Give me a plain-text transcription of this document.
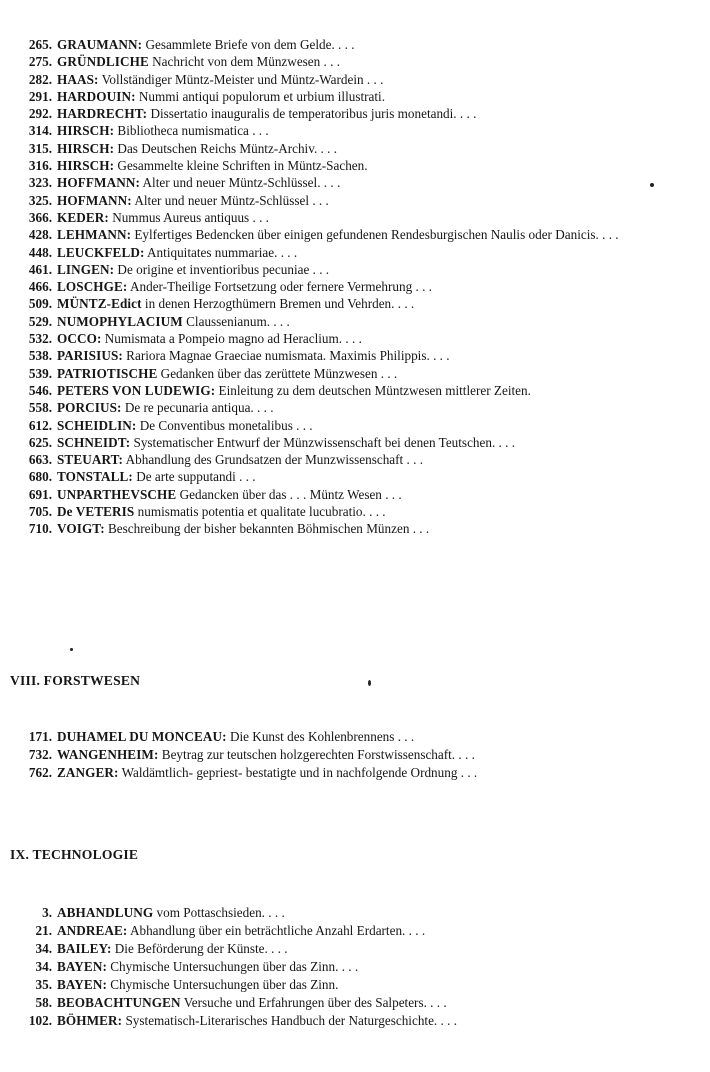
265. GRAUMANN: Gesammlete Briefe von dem Gelde. . . .
275. GRÜNDLICHE Nachricht von dem Münzwesen . . .
282. HAAS: Vollständiger Müntz-Meister und Müntz-Wardein . . .
291. HARDOUIN: Nummi antiqui populorum et urbium illustrati.
292. HARDRECHT: Dissertatio inauguralis de temperatoribus juris monetandi. . . .
314. HIRSCH: Bibliotheca numismatica . . .
315. HIRSCH: Das Deutschen Reichs Müntz-Archiv. . . .
316. HIRSCH: Gesammelte kleine Schriften in Müntz-Sachen.
323. HOFFMANN: Alter und neuer Müntz-Schlüssel. . . .
325. HOFMANN: Alter und neuer Müntz-Schlüssel . . .
366. KEDER: Nummus Aureus antiquus . . .
428. LEHMANN: Eylfertiges Bedencken über einigen gefundenen Rendesburgischen Naulis oder Danicis. . . .
448. LEUCKFELD: Antiquitates nummariae. . . .
461. LINGEN: De origine et inventioribus pecuniae . . .
466. LOSCHGE: Ander-Theilige Fortsetzung oder fernere Vermehrung . . .
509. MÜNTZ-Edict in denen Herzogthümern Bremen und Vehrden. . . .
529. NUMOPHYLACIUM Claussenianum. . . .
532. OCCO: Numismata a Pompeio magno ad Heraclium. . . .
538. PARISIUS: Rariora Magnae Graeciae numismata. Maximis Philippis. . . .
539. PATRIOTISCHE Gedanken über das zerüttete Münzwesen . . .
546. PETERS VON LUDEWIG: Einleitung zu dem deutschen Müntzwesen mittlerer Zeiten.
558. PORCIUS: De re pecunaria antiqua. . . .
612. SCHEIDLIN: De Conventibus monetalibus . . .
625. SCHNEIDT: Systematischer Entwurf der Münzwissenschaft bei denen Teutschen. . . .
663. STEUART: Abhandlung des Grundsatzen der Munzwissenschaft . . .
680. TONSTALL: De arte supputandi . . .
691. UNPARTHEVSCHE Gedancken über das . . . Müntz Wesen . . .
705. De VETERIS numismatis potentia et qualitate lucubratio. . . .
710. VOIGT: Beschreibung der bisher bekannten Böhmischen Münzen . . .
VIII. FORSTWESEN
171. DUHAMEL DU MONCEAU: Die Kunst des Kohlenbrennens . . .
732. WANGENHEIM: Beytrag zur teutschen holzgerechten Forstwissenschaft. . . .
762. ZANGER: Waldämtlich- gepriest- bestatigte und in nachfolgende Ordnung . . .
IX. TECHNOLOGIE
3. ABHANDLUNG vom Pottaschsieden. . . .
21. ANDREAE: Abhandlung über ein beträchtliche Anzahl Erdarten. . . .
34. BAILEY: Die Beförderung der Künste. . . .
34. BAYEN: Chymische Untersuchungen über das Zinn. . . .
35. BAYEN: Chymische Untersuchungen über das Zinn.
58. BEOBACHTUNGEN Versuche und Erfahrungen über des Salpeters. . . .
102. BÖHMER: Systematisch-Literarisches Handbuch der Naturgeschichte. . . .
